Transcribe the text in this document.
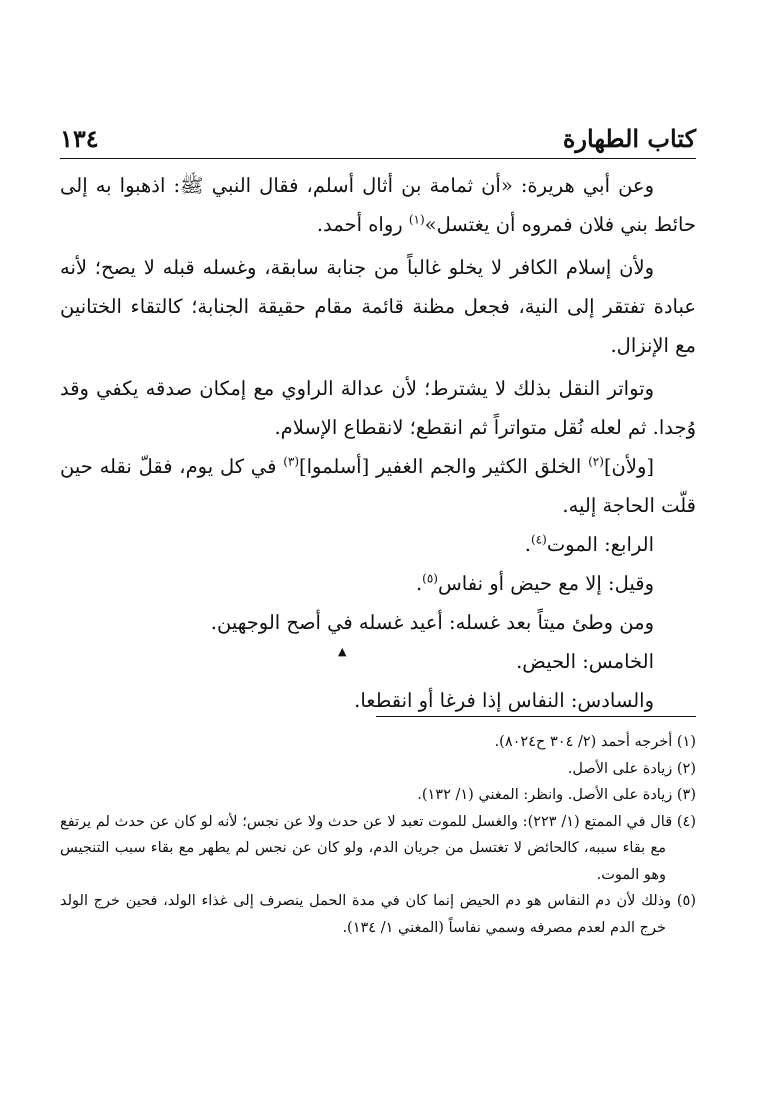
كتاب الطهارة
١٣٤

وعن أبي هريرة: «أن ثمامة بن أثال أسلم، فقال النبي ﷺ: اذهبوا به إلى حائط بني فلان فمروه أن يغتسل»$^{(١)}$ رواه أحمد.

ولأن إسلام الكافر لا يخلو غالباً من جنابة سابقة، وغسله قبله لا يصح؛ لأنه عبادة تفتقر إلى النية، فجعل مظنة قائمة مقام حقيقة الجنابة؛ كالتقاء الختانين مع الإنزال.

وتواتر النقل بذلك لا يشترط؛ لأن عدالة الراوي مع إمكان صدقه يكفي وقد وُجدا. ثم لعله نُقل متواتراً ثم انقطع؛ لانقطاع الإسلام.

[ولأن]$^{(٢)}$ الخلق الكثير والجم الغفير [أسلموا]$^{(٣)}$ في كل يوم، فقلّ نقله حين قلّت الحاجة إليه.

الرابع: الموت$^{(٤)}$.

وقيل: إلا مع حيض أو نفاس$^{(٥)}$.

ومن وطئ ميتاً بعد غسله: أعيد غسله في أصح الوجهين.

الخامس: الحيض.

والسادس: النفاس إذا فرغا أو انقطعا.

▲

(١) أخرجه أحمد (٢/ ٣٠٤ ح٨٠٢٤).

(٢) زيادة على الأصل.

(٣) زيادة على الأصل. وانظر: المغني (١/ ١٣٢).

(٤) قال في الممتع (١/ ٢٢٣): والغسل للموت تعبد لا عن حدث ولا عن نجس؛ لأنه لو كان عن حدث لم يرتفع مع بقاء سببه، كالحائض لا تغتسل من جريان الدم، ولو كان عن نجس لم يطهر مع بقاء سبب التنجيس وهو الموت.

(٥) وذلك لأن دم النفاس هو دم الحيض إنما كان في مدة الحمل ينصرف إلى غذاء الولد، فحين خرج الولد خرج الدم لعدم مصرفه وسمي نفاساً (المغني ١/ ١٣٤).
